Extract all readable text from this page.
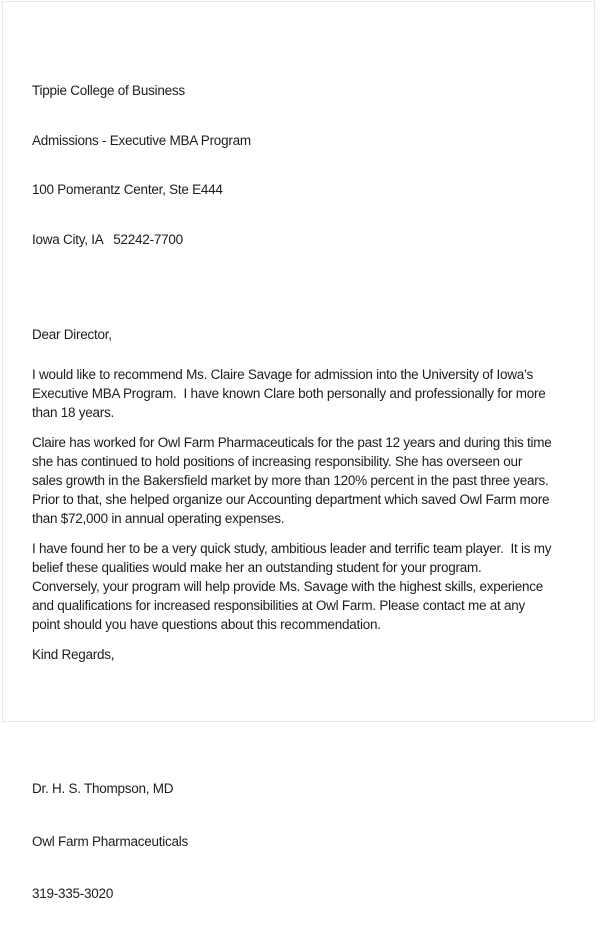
Tippie College of Business

Admissions - Executive MBA Program

100 Pomerantz Center, Ste E444

Iowa City, IA   52242-7700

Dear Director,
I would like to recommend Ms. Claire Savage for admission into the University of Iowa’s Executive MBA Program.  I have known Clare both personally and professionally for more than 18 years.
Claire has worked for Owl Farm Pharmaceuticals for the past 12 years and during this time she has continued to hold positions of increasing responsibility. She has overseen our sales growth in the Bakersfield market by more than 120% percent in the past three years.  Prior to that, she helped organize our Accounting department which saved Owl Farm more than $72,000 in annual operating expenses.
I have found her to be a very quick study, ambitious leader and terrific team player.  It is my belief these qualities would make her an outstanding student for your program.  Conversely, your program will help provide Ms. Savage with the highest skills, experience and qualifications for increased responsibilities at Owl Farm. Please contact me at any point should you have questions about this recommendation.
Kind Regards,

Dr. H. S. Thompson, MD

Owl Farm Pharmaceuticals

319-335-3020
